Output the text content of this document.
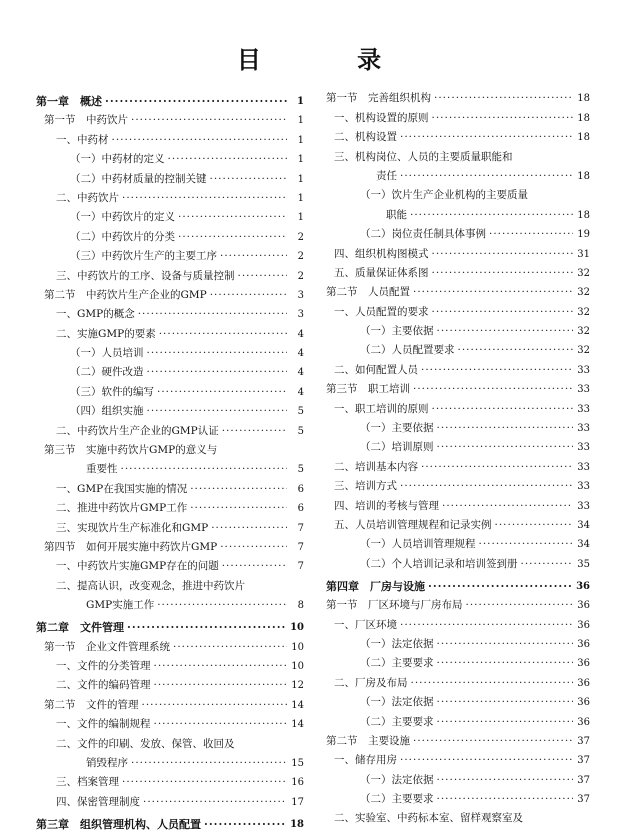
目 录
第一章　概述 ·····	1
第一节　中药饮片 ·····	1
一、中药材 ·····	1
（一）中药材的定义 ·····	1
（二）中药材质量的控制关键 ·····	1
二、中药饮片 ·····	1
（一）中药饮片的定义 ·····	1
（二）中药饮片的分类 ·····	2
（三）中药饮片生产的主要工序 ·····	2
三、中药饮片的工序、设备与质量控制 ·····	2
第二节　中药饮片生产企业的GMP ·····	3
一、GMP的概念 ·····	3
二、实施GMP的要素 ·····	4
（一）人员培训 ·····	4
（二）硬件改造 ·····	4
（三）软件的编写 ·····	4
（四）组织实施 ·····	5
二、中药饮片生产企业的GMP认证 ·····	5
第三节　实施中药饮片GMP的意义与
重要性 ·····	5
一、GMP在我国实施的情况 ·····	6
二、推进中药饮片GMP工作 ·····	6
三、实现饮片生产标准化和GMP ·····	7
第四节　如何开展实施中药饮片GMP ·····	7
一、中药饮片实施GMP存在的问题 ·····	7
二、提高认识，改变观念，推进中药饮片
GMP实施工作 ·····	8
第二章　文件管理 ·····	10
第一节　企业文件管理系统 ·····	10
一、文件的分类管理 ·····	10
二、文件的编码管理 ·····	12
第二节　文件的管理 ·····	14
一、文件的编制规程 ·····	14
二、文件的印刷、发放、保管、收回及
销毁程序 ·····	15
三、档案管理 ·····	16
四、保密管理制度 ·····	17
第三章　组织管理机构、人员配置 ·····	18
第一节　完善组织机构 ·····	18
一、机构设置的原则 ·····	18
二、机构设置 ·····	18
三、机构岗位、人员的主要质量职能和
责任 ·····	18
（一）饮片生产企业机构的主要质量
职能 ·····	18
（二）岗位责任制具体事例 ·····	19
四、组织机构图模式 ·····	31
五、质量保证体系图 ·····	32
第二节　人员配置 ·····	32
一、人员配置的要求 ·····	32
（一）主要依据 ·····	32
（二）人员配置要求 ·····	32
二、如何配置人员 ·····	33
第三节　职工培训 ·····	33
一、职工培训的原则 ·····	33
（一）主要依据 ·····	33
（二）培训原则 ·····	33
二、培训基本内容 ·····	33
三、培训方式 ·····	33
四、培训的考核与管理 ·····	33
五、人员培训管理规程和记录实例 ·····	34
（一）人员培训管理规程 ·····	34
（二）个人培训记录和培训签到册 ·····	35
第四章　厂房与设施 ·····	36
第一节　厂区环境与厂房布局 ·····	36
一、厂区环境 ·····	36
（一）法定依据 ·····	36
（二）主要要求 ·····	36
二、厂房及布局 ·····	36
（一）法定依据 ·····	36
（二）主要要求 ·····	36
第二节　主要设施 ·····	37
一、储存用房 ·····	37
（一）法定依据 ·····	37
（二）主要要求 ·····	37
二、实验室、中药标本室、留样观察室及
